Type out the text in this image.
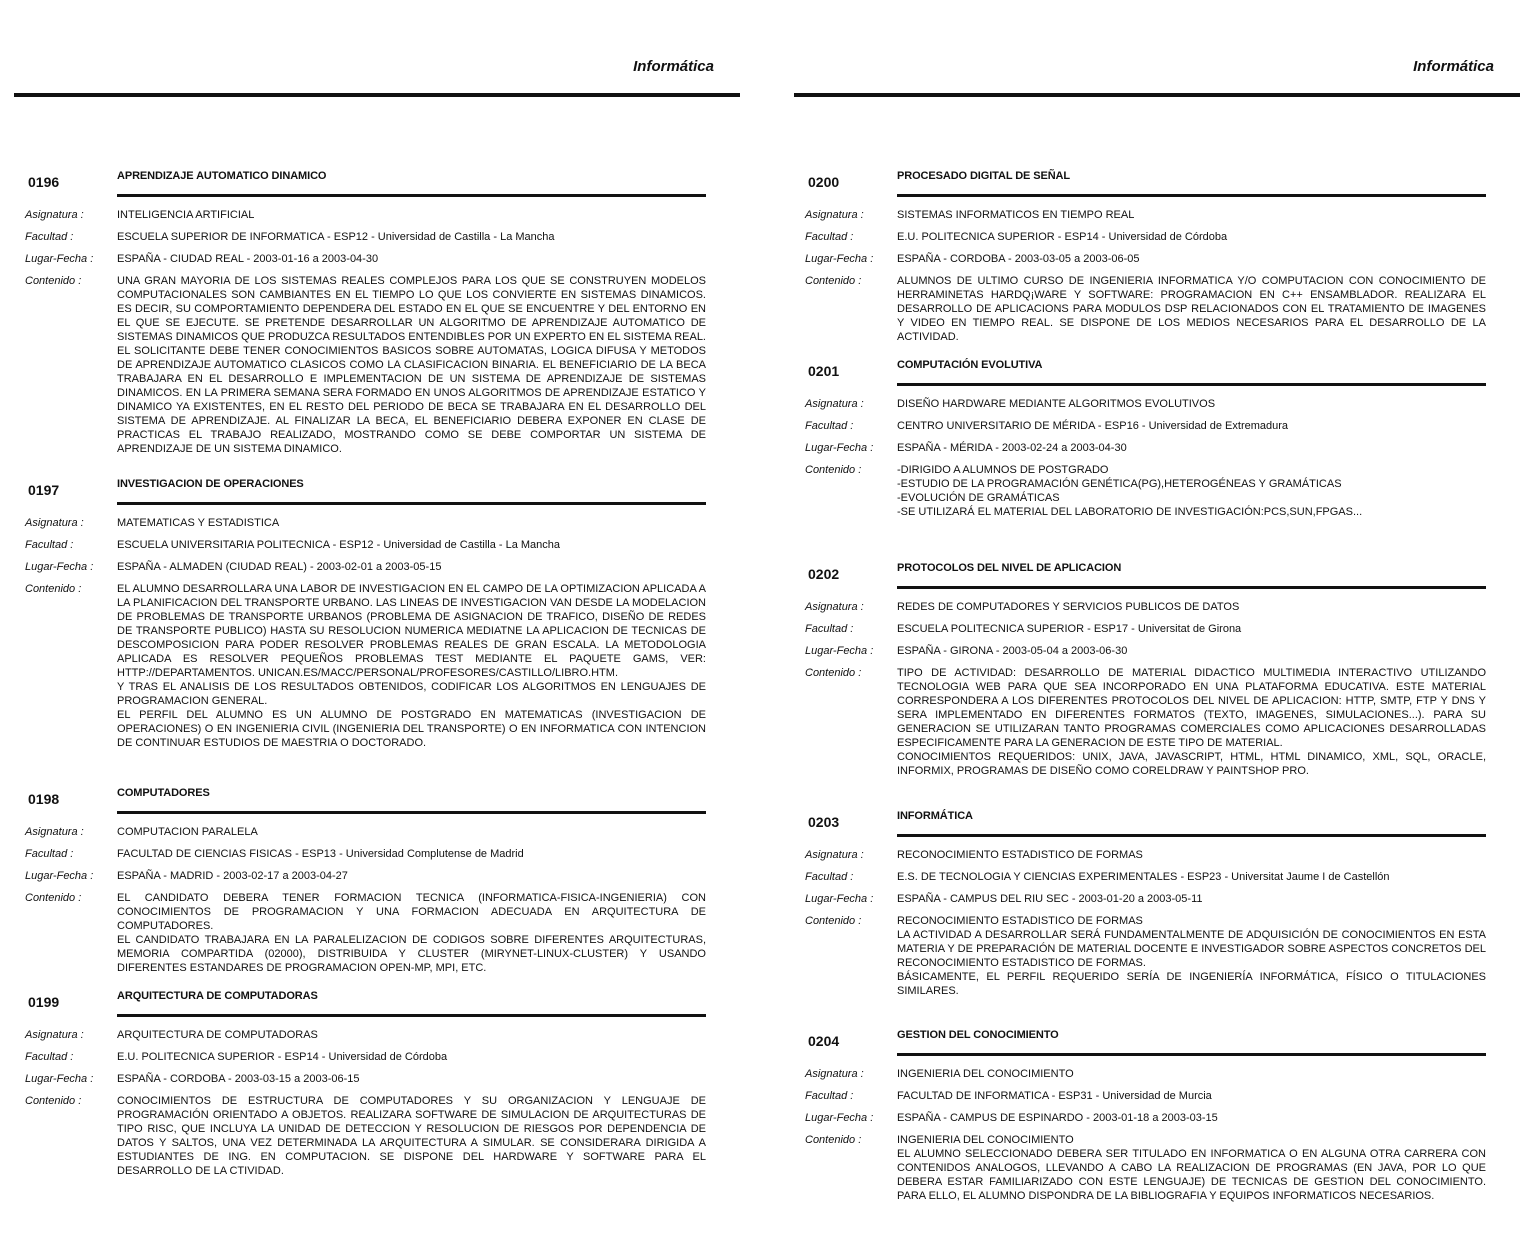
Informática
0196	APRENDIZAJE AUTOMATICO DINAMICO
Asignatura :	INTELIGENCIA ARTIFICIAL
Facultad :	ESCUELA SUPERIOR DE INFORMATICA - ESP12 - Universidad de Castilla - La Mancha
Lugar-Fecha :	ESPAÑA - CIUDAD REAL - 2003-01-16 a 2003-04-30
Contenido :	UNA GRAN MAYORIA DE LOS SISTEMAS REALES COMPLEJOS PARA LOS QUE SE CONSTRUYEN MODELOS COMPUTACIONALES SON CAMBIANTES EN EL TIEMPO LO QUE LOS CONVIERTE EN SISTEMAS DINAMICOS. ES DECIR, SU COMPORTAMIENTO DEPENDERA DEL ESTADO EN EL QUE SE ENCUENTRE Y DEL ENTORNO EN EL QUE SE EJECUTE. SE PRETENDE DESARROLLAR UN ALGORITMO DE APRENDIZAJE AUTOMATICO DE SISTEMAS DINAMICOS QUE PRODUZCA RESULTADOS ENTENDIBLES POR UN EXPERTO EN EL SISTEMA REAL. EL SOLICITANTE DEBE TENER CONOCIMIENTOS BASICOS SOBRE AUTOMATAS, LOGICA DIFUSA Y METODOS DE APRENDIZAJE AUTOMATICO CLASICOS COMO LA CLASIFICACION BINARIA. EL BENEFICIARIO DE LA BECA TRABAJARA EN EL DESARROLLO E IMPLEMENTACION DE UN SISTEMA DE APRENDIZAJE DE SISTEMAS DINAMICOS. EN LA PRIMERA SEMANA SERA FORMADO EN UNOS ALGORITMOS DE APRENDIZAJE ESTATICO Y DINAMICO YA EXISTENTES, EN EL RESTO DEL PERIODO DE BECA SE TRABAJARA EN EL DESARROLLO DEL SISTEMA DE APRENDIZAJE. AL FINALIZAR LA BECA, EL BENEFICIARIO DEBERA EXPONER EN CLASE DE PRACTICAS EL TRABAJO REALIZADO, MOSTRANDO COMO SE DEBE COMPORTAR UN SISTEMA DE APRENDIZAJE DE UN SISTEMA DINAMICO.
0197	INVESTIGACION DE OPERACIONES
Asignatura :	MATEMATICAS Y ESTADISTICA
Facultad :	ESCUELA UNIVERSITARIA POLITECNICA - ESP12 - Universidad de Castilla - La Mancha
Lugar-Fecha :	ESPAÑA - ALMADEN (CIUDAD REAL) - 2003-02-01 a 2003-05-15
Contenido :	EL ALUMNO DESARROLLARA UNA LABOR DE INVESTIGACION EN EL CAMPO DE LA OPTIMIZACION APLICADA A LA PLANIFICACION DEL TRANSPORTE URBANO. LAS LINEAS DE INVESTIGACION VAN DESDE LA MODELACION DE PROBLEMAS DE TRANSPORTE URBANOS (PROBLEMA DE ASIGNACION DE TRAFICO, DISEÑO DE REDES DE TRANSPORTE PUBLICO) HASTA SU RESOLUCION NUMERICA MEDIATNE LA APLICACION DE TECNICAS DE DESCOMPOSICION PARA PODER RESOLVER PROBLEMAS REALES DE GRAN ESCALA. LA METODOLOGIA APLICADA ES RESOLVER PEQUEÑOS PROBLEMAS TEST MEDIANTE EL PAQUETE GAMS, VER: HTTP://DEPARTAMENTOS. UNICAN.ES/MACC/PERSONAL/PROFESORES/CASTILLO/LIBRO.HTM.
Y TRAS EL ANALISIS DE LOS RESULTADOS OBTENIDOS, CODIFICAR LOS ALGORITMOS EN LENGUAJES DE PROGRAMACION GENERAL.
EL PERFIL DEL ALUMNO ES UN ALUMNO DE POSTGRADO EN MATEMATICAS (INVESTIGACION DE OPERACIONES) O EN INGENIERIA CIVIL (INGENIERIA DEL TRANSPORTE) O EN INFORMATICA CON INTENCION DE CONTINUAR ESTUDIOS DE MAESTRIA O DOCTORADO.
0198	COMPUTADORES
Asignatura :	COMPUTACION PARALELA
Facultad :	FACULTAD DE CIENCIAS FISICAS - ESP13 - Universidad Complutense de Madrid
Lugar-Fecha :	ESPAÑA - MADRID - 2003-02-17 a 2003-04-27
Contenido :	EL CANDIDATO DEBERA TENER FORMACION TECNICA (INFORMATICA-FISICA-INGENIERIA) CON CONOCIMIENTOS DE PROGRAMACION Y UNA FORMACION ADECUADA EN ARQUITECTURA DE COMPUTADORES.
EL CANDIDATO TRABAJARA EN LA PARALELIZACION DE CODIGOS SOBRE DIFERENTES ARQUITECTURAS, MEMORIA COMPARTIDA (02000), DISTRIBUIDA Y CLUSTER (MIRYNET-LINUX-CLUSTER) Y USANDO DIFERENTES ESTANDARES DE PROGRAMACION OPEN-MP, MPI, ETC.
0199	ARQUITECTURA DE COMPUTADORAS
Asignatura :	ARQUITECTURA DE COMPUTADORAS
Facultad :	E.U. POLITECNICA SUPERIOR - ESP14 - Universidad de Córdoba
Lugar-Fecha :	ESPAÑA - CORDOBA - 2003-03-15 a 2003-06-15
Contenido :	CONOCIMIENTOS DE ESTRUCTURA DE COMPUTADORES Y SU ORGANIZACION Y LENGUAJE DE PROGRAMACIÓN ORIENTADO A OBJETOS. REALIZARA SOFTWARE DE SIMULACION DE ARQUITECTURAS DE TIPO RISC, QUE INCLUYA LA UNIDAD DE DETECCION Y RESOLUCION DE RIESGOS POR DEPENDENCIA DE DATOS Y SALTOS, UNA VEZ DETERMINADA LA ARQUITECTURA A SIMULAR. SE CONSIDERARA DIRIGIDA A ESTUDIANTES DE ING. EN COMPUTACION. SE DISPONE DEL HARDWARE Y SOFTWARE PARA EL DESARROLLO DE LA CTIVIDAD.
Informática
0200	PROCESADO DIGITAL DE SEÑAL
Asignatura :	SISTEMAS INFORMATICOS EN TIEMPO REAL
Facultad :	E.U. POLITECNICA SUPERIOR - ESP14 - Universidad de Córdoba
Lugar-Fecha :	ESPAÑA - CORDOBA - 2003-03-05 a 2003-06-05
Contenido :	ALUMNOS DE ULTIMO CURSO DE INGENIERIA INFORMATICA Y/O COMPUTACION CON CONOCIMIENTO DE HERRAMINETAS HARDQ¡WARE Y SOFTWARE: PROGRAMACION EN C++ ENSAMBLADOR. REALIZARA EL DESARROLLO DE APLICACIONS PARA MODULOS DSP RELACIONADOS CON EL TRATAMIENTO DE IMAGENES Y VIDEO EN TIEMPO REAL. SE DISPONE DE LOS MEDIOS NECESARIOS PARA EL DESARROLLO DE LA ACTIVIDAD.
0201	COMPUTACIÓN EVOLUTIVA
Asignatura :	DISEÑO HARDWARE MEDIANTE ALGORITMOS EVOLUTIVOS
Facultad :	CENTRO UNIVERSITARIO DE MÉRIDA - ESP16 - Universidad de Extremadura
Lugar-Fecha :	ESPAÑA - MÉRIDA - 2003-02-24 a 2003-04-30
Contenido :	-DIRIGIDO A ALUMNOS DE POSTGRADO
-ESTUDIO DE LA PROGRAMACIÓN GENÉTICA(PG),HETEROGÉNEAS Y GRAMÁTICAS
-EVOLUCIÓN DE GRAMÁTICAS
-SE UTILIZARÁ EL MATERIAL DEL LABORATORIO DE INVESTIGACIÓN:PCS,SUN,FPGAS...
0202	PROTOCOLOS DEL NIVEL DE APLICACION
Asignatura :	REDES DE COMPUTADORES Y SERVICIOS PUBLICOS DE DATOS
Facultad :	ESCUELA POLITECNICA SUPERIOR - ESP17 - Universitat de Girona
Lugar-Fecha :	ESPAÑA - GIRONA - 2003-05-04 a 2003-06-30
Contenido :	TIPO DE ACTIVIDAD: DESARROLLO DE MATERIAL DIDACTICO MULTIMEDIA INTERACTIVO UTILIZANDO TECNOLOGIA WEB PARA QUE SEA INCORPORADO EN UNA PLATAFORMA EDUCATIVA. ESTE MATERIAL CORRESPONDERA A LOS DIFERENTES PROTOCOLOS DEL NIVEL DE APLICACION: HTTP, SMTP, FTP Y DNS Y SERA IMPLEMENTADO EN DIFERENTES FORMATOS (TEXTO, IMAGENES, SIMULACIONES...). PARA SU GENERACION SE UTILIZARAN TANTO PROGRAMAS COMERCIALES COMO APLICACIONES DESARROLLADAS ESPECIFICAMENTE PARA LA GENERACION DE ESTE TIPO DE MATERIAL.
CONOCIMIENTOS REQUERIDOS: UNIX, JAVA, JAVASCRIPT, HTML, HTML DINAMICO, XML, SQL, ORACLE, INFORMIX, PROGRAMAS DE DISEÑO COMO CORELDRAW Y PAINTSHOP PRO.
0203	INFORMÁTICA
Asignatura :	RECONOCIMIENTO ESTADISTICO DE FORMAS
Facultad :	E.S. DE TECNOLOGIA Y CIENCIAS EXPERIMENTALES - ESP23 - Universitat Jaume I de Castellón
Lugar-Fecha :	ESPAÑA - CAMPUS DEL RIU SEC - 2003-01-20 a 2003-05-11
Contenido :	RECONOCIMIENTO ESTADISTICO DE FORMAS
LA ACTIVIDAD A DESARROLLAR SERÁ FUNDAMENTALMENTE DE ADQUISICIÓN DE CONOCIMIENTOS EN ESTA MATERIA Y DE PREPARACIÓN DE MATERIAL DOCENTE E INVESTIGADOR SOBRE ASPECTOS CONCRETOS DEL RECONOCIMIENTO ESTADISTICO DE FORMAS.
BÁSICAMENTE, EL PERFIL REQUERIDO SERÍA DE INGENIERÍA INFORMÁTICA, FÍSICO O TITULACIONES SIMILARES.
0204	GESTION DEL CONOCIMIENTO
Asignatura :	INGENIERIA DEL CONOCIMIENTO
Facultad :	FACULTAD DE INFORMATICA - ESP31 - Universidad de Murcia
Lugar-Fecha :	ESPAÑA - CAMPUS DE ESPINARDO - 2003-01-18 a 2003-03-15
Contenido :	INGENIERIA DEL CONOCIMIENTO
EL ALUMNO SELECCIONADO DEBERA SER TITULADO EN INFORMATICA O EN ALGUNA OTRA CARRERA CON CONTENIDOS ANALOGOS, LLEVANDO A CABO LA REALIZACION DE PROGRAMAS (EN JAVA, POR LO QUE DEBERA ESTAR FAMILIARIZADO CON ESTE LENGUAJE) DE TECNICAS DE GESTION DEL CONOCIMIENTO. PARA ELLO, EL ALUMNO DISPONDRA DE LA BIBLIOGRAFIA Y EQUIPOS INFORMATICOS NECESARIOS.
